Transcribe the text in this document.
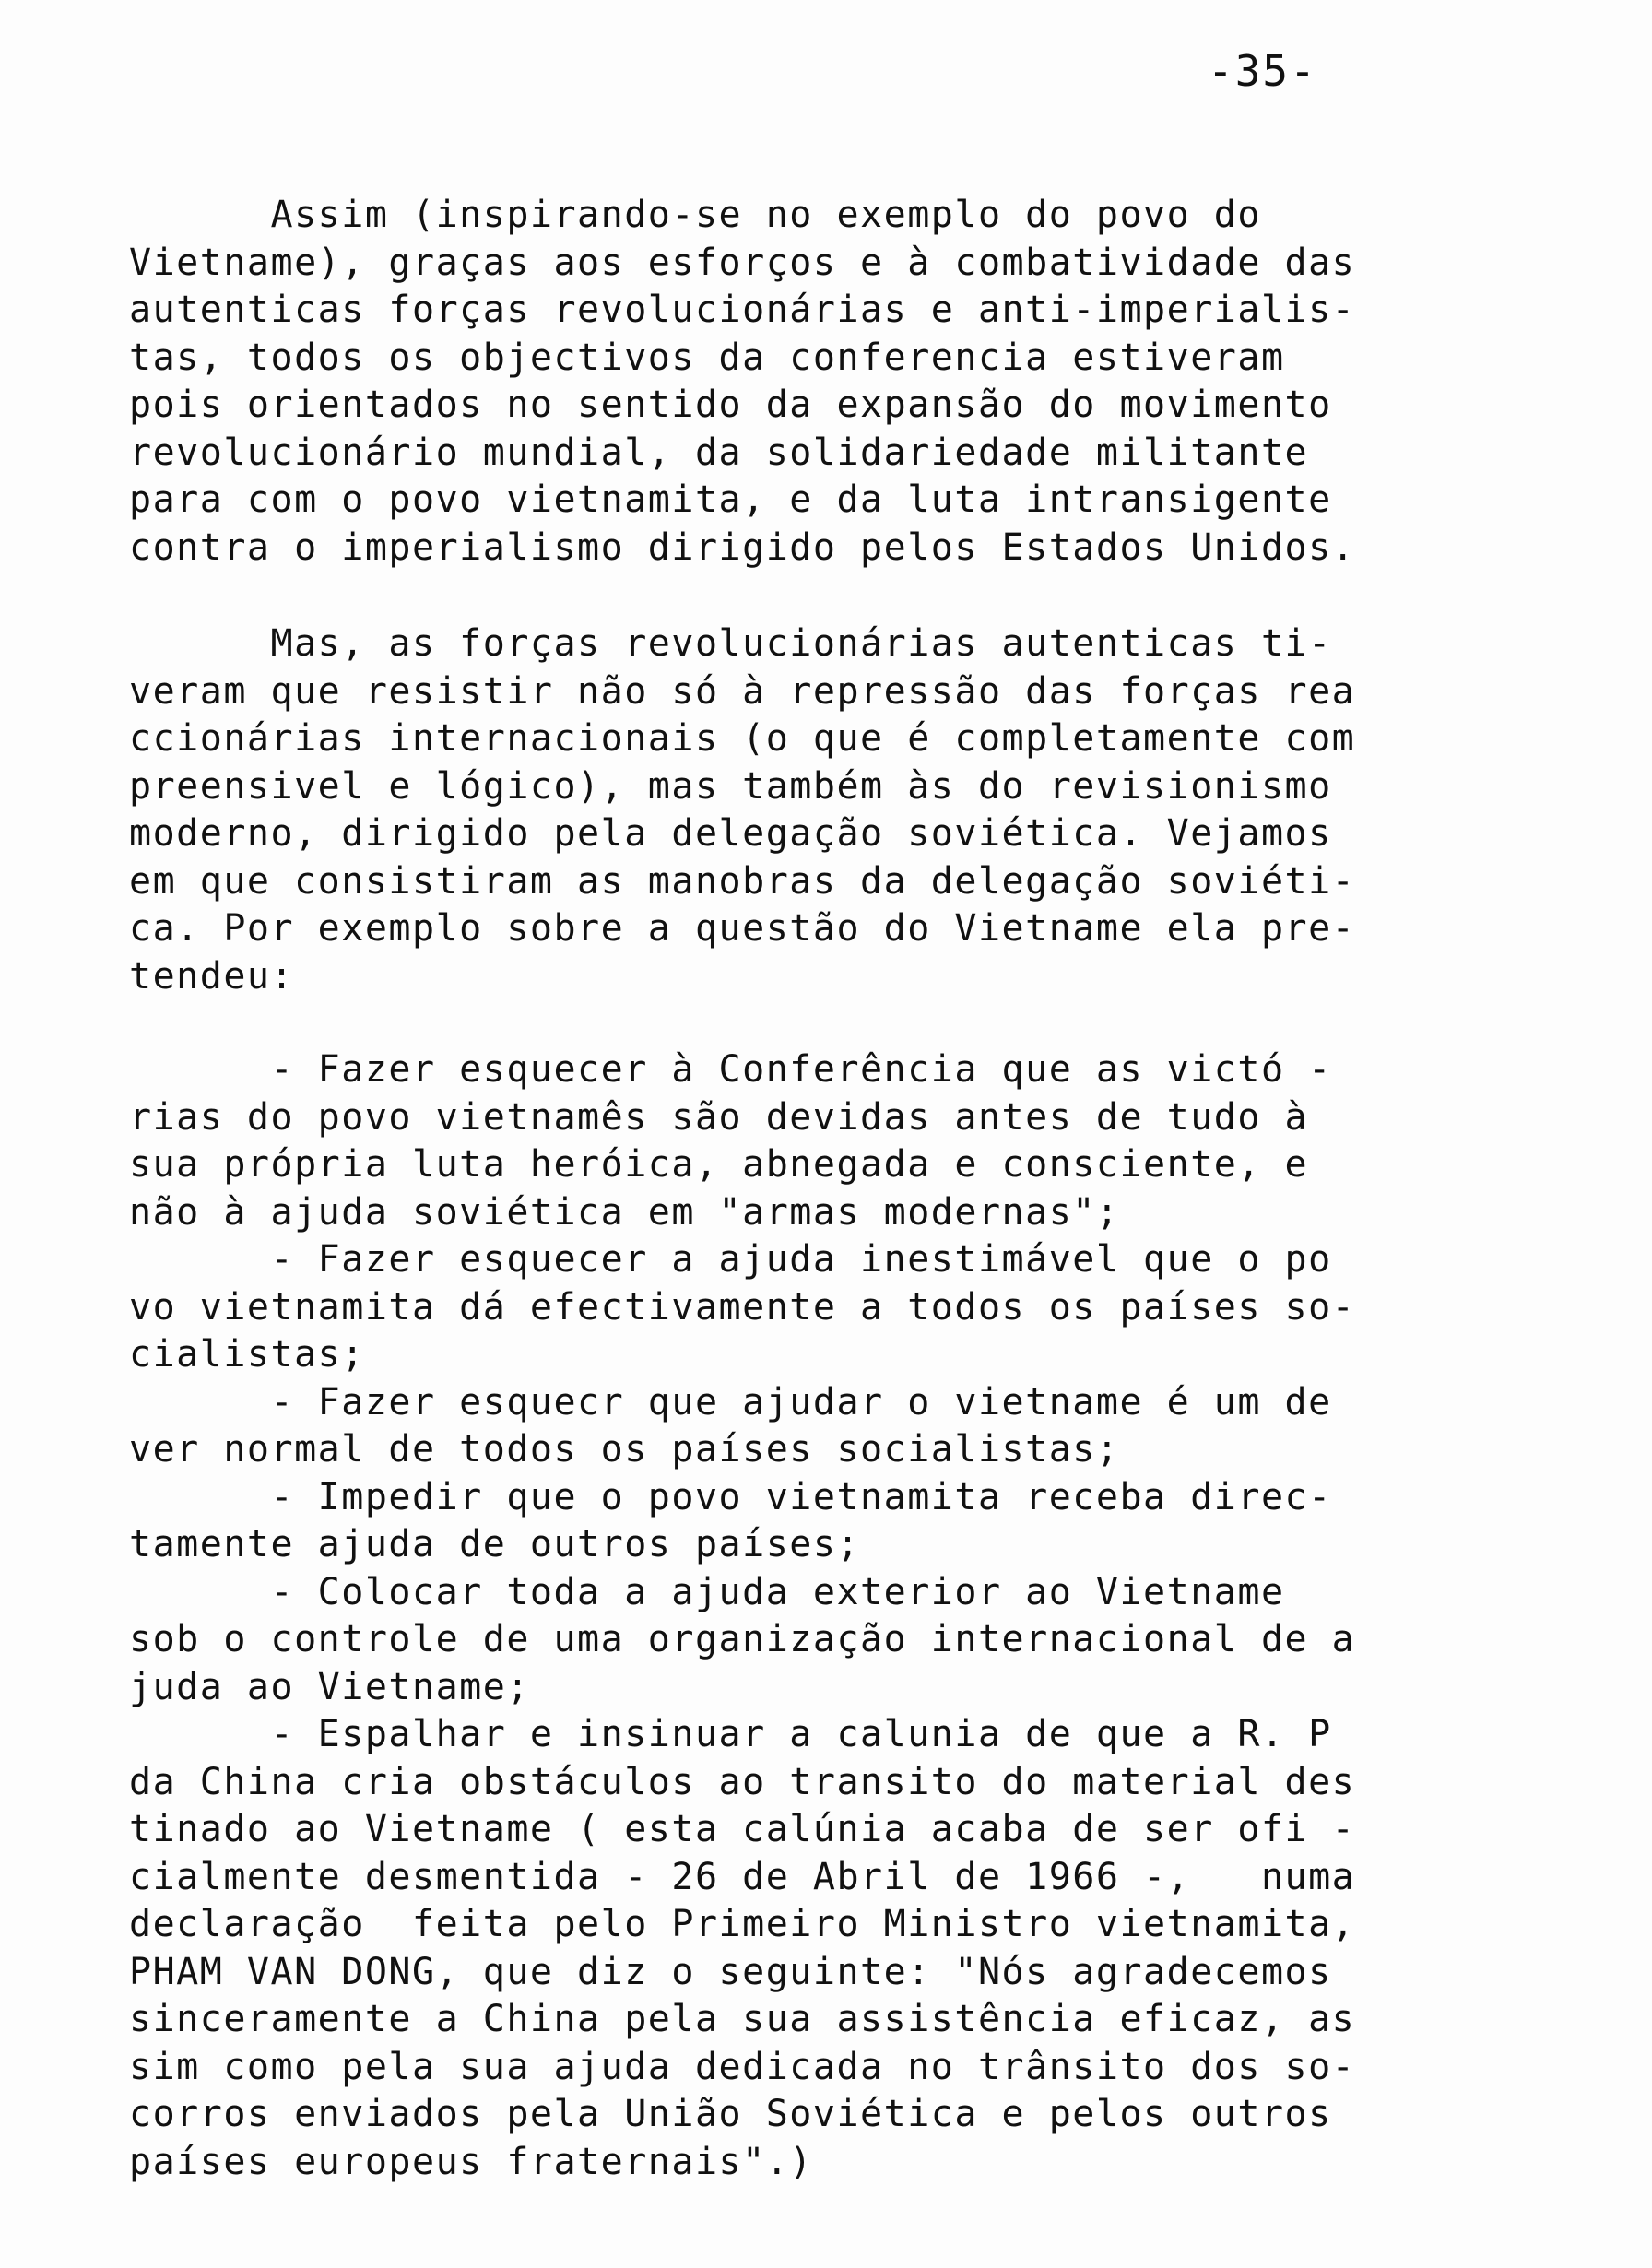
-35-
Assim (inspirando-se no exemplo do povo do
Vietname), graças aos esforços e à combatividade das
autenticas forças revolucionárias e anti-imperialis-
tas, todos os objectivos da conferencia estiveram
pois orientados no sentido da expansão do movimento
revolucionário mundial, da solidariedade militante
para com o povo vietnamita, e da luta intransigente
contra o imperialismo dirigido pelos Estados Unidos.
Mas, as forças revolucionárias autenticas ti-
veram que resistir não só à repressão das forças rea
ccionárias internacionais (o que é completamente com
preensivel e lógico), mas também às do revisionismo
moderno, dirigido pela delegação soviética. Vejamos
em que consistiram as manobras da delegação soviéti-
ca. Por exemplo sobre a questão do Vietname ela pre-
tendeu:
- Fazer esquecer à Conferência que as victó -
rias do povo vietnamês são devidas antes de tudo à
sua própria luta heróica, abnegada e consciente, e
não à ajuda soviética em "armas modernas";
- Fazer esquecer a ajuda inestimável que o po
vo vietnamita dá efectivamente a todos os países so-
cialistas;
- Fazer esquecr que ajudar o vietname é um de
ver normal de todos os países socialistas;
- Impedir que o povo vietnamita receba direc-
tamente ajuda de outros países;
- Colocar toda a ajuda exterior ao Vietname
sob o controle de uma organização internacional de a
juda ao Vietname;
- Espalhar e insinuar a calunia de que a R. P
da China cria obstáculos ao transito do material des
tinado ao Vietname ( esta calúnia acaba de ser ofi -
cialmente desmentida - 26 de Abril de 1966 -,   numa
declaração  feita pelo Primeiro Ministro vietnamita,
PHAM VAN DONG, que diz o seguinte: "Nós agradecemos
sinceramente a China pela sua assistência eficaz, as
sim como pela sua ajuda dedicada no trânsito dos so-
corros enviados pela União Soviética e pelos outros
países europeus fraternais".)
